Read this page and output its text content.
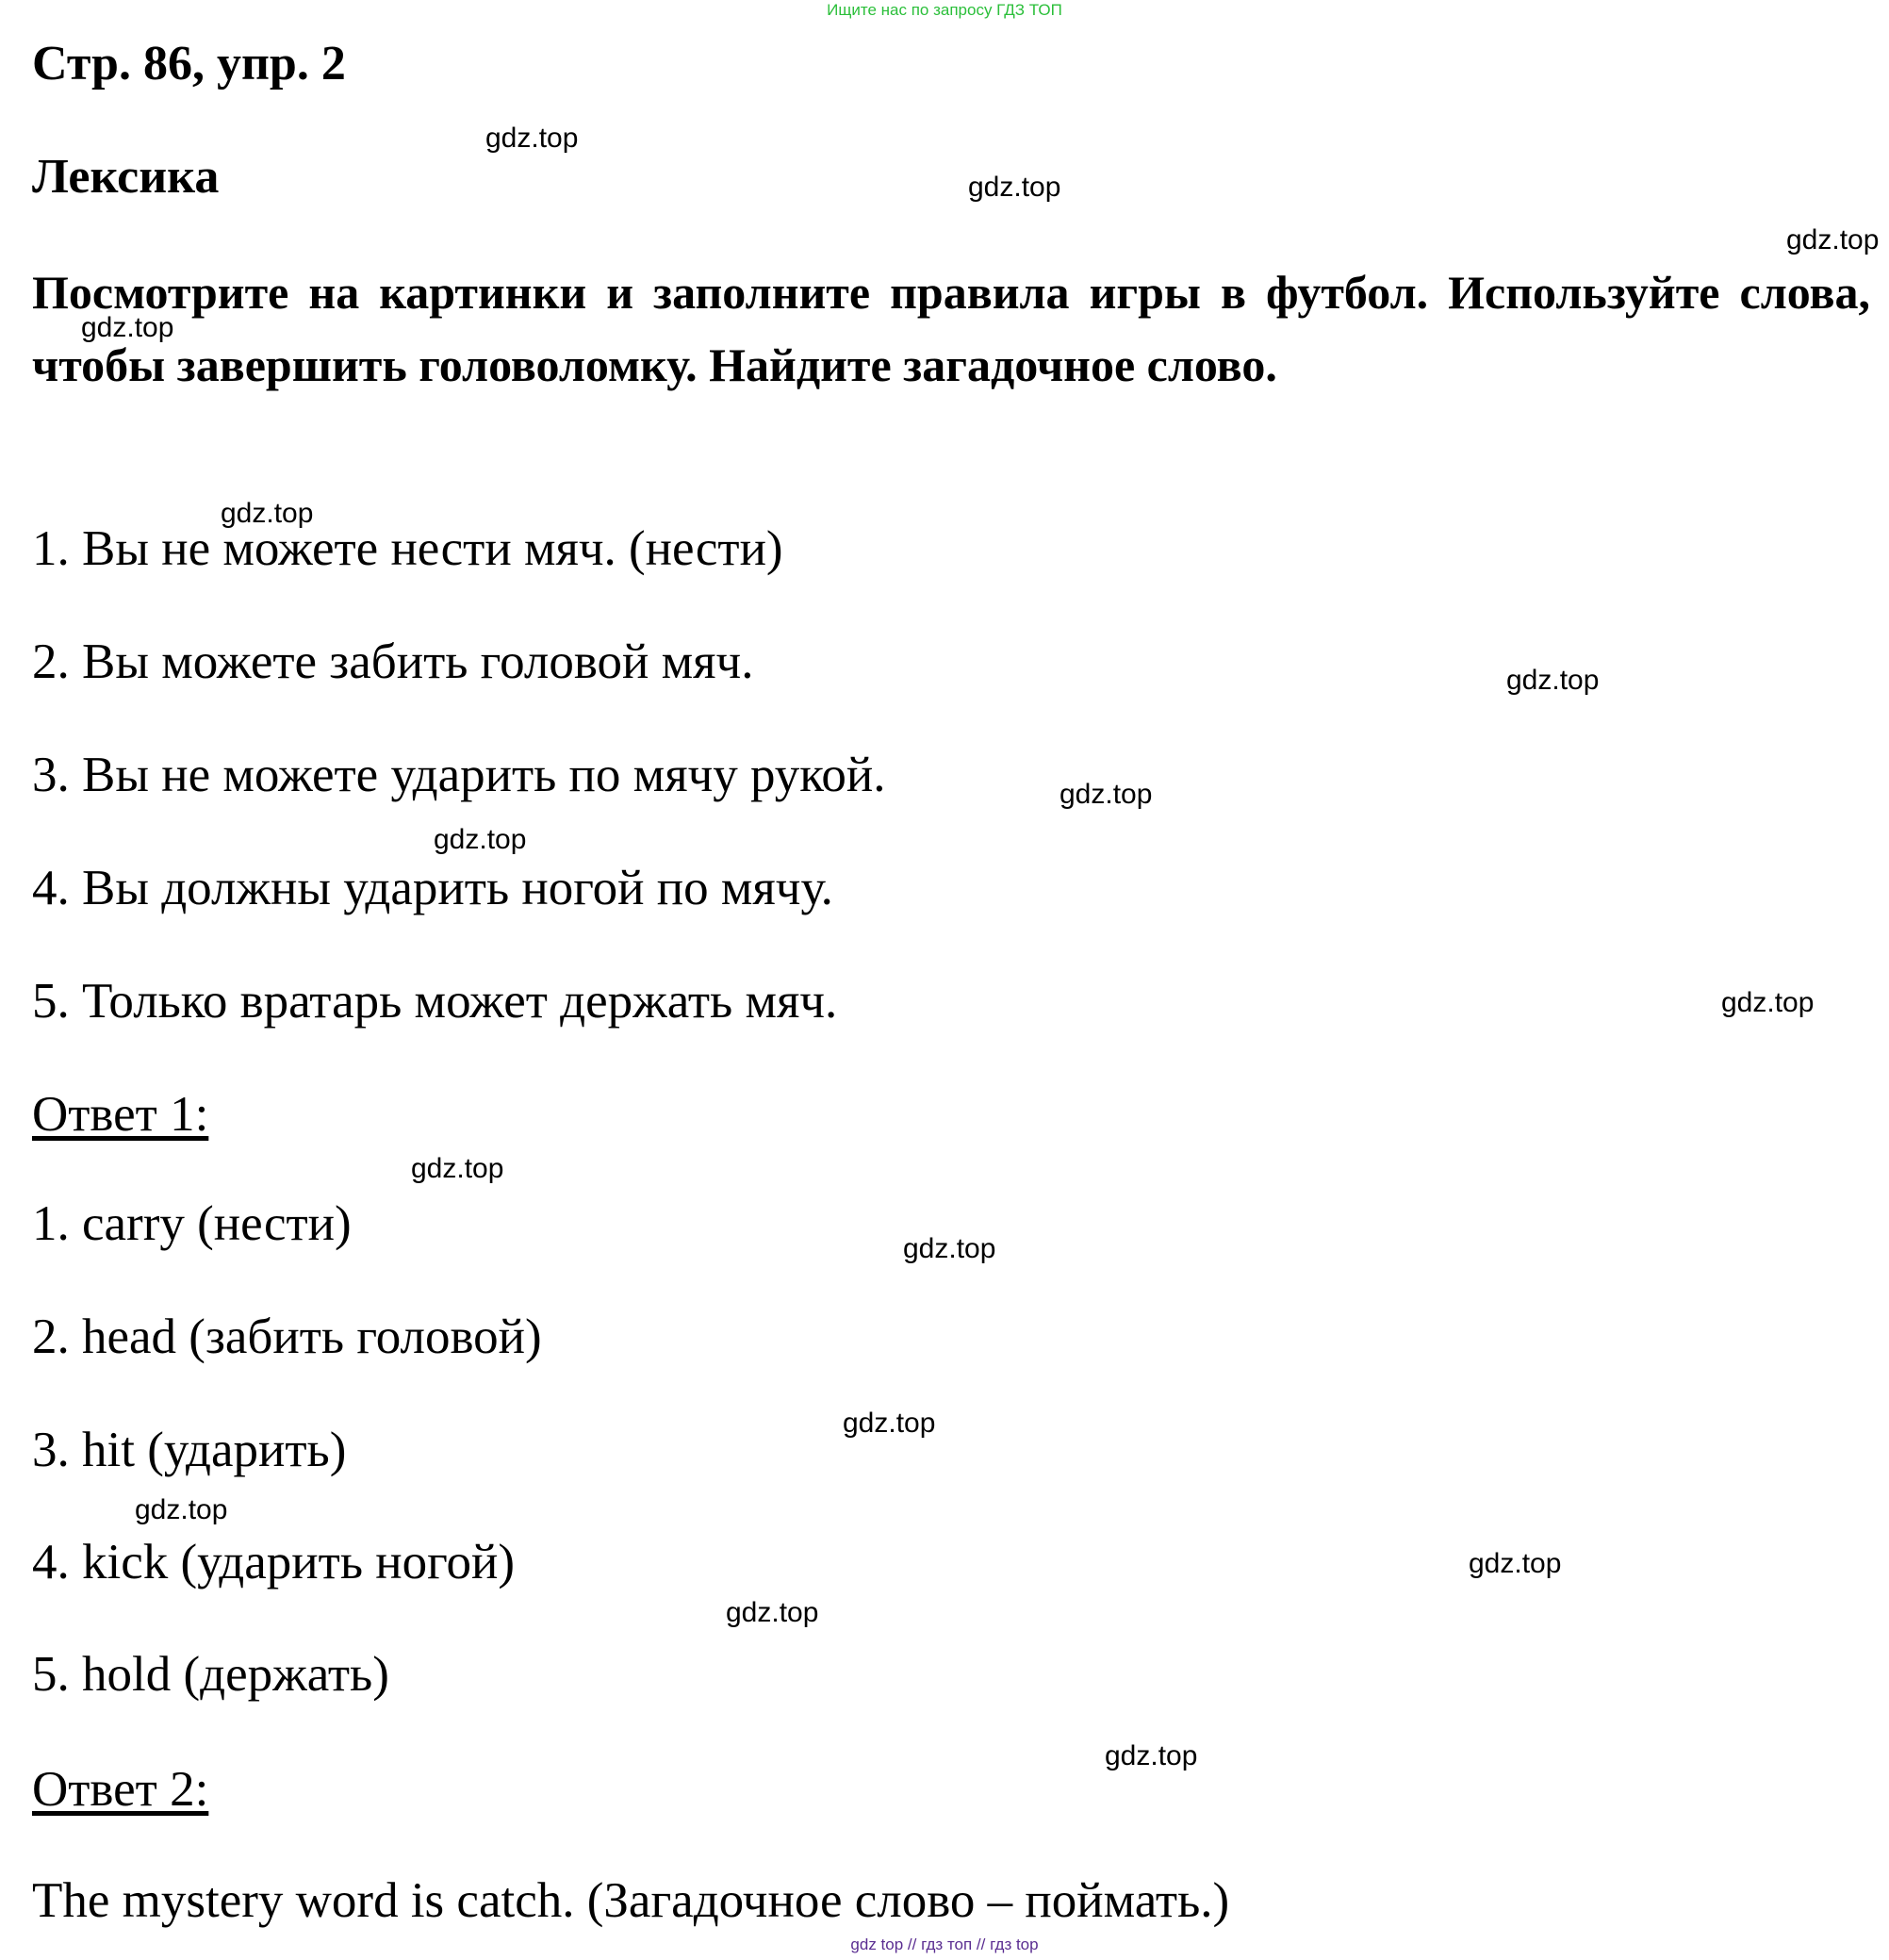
Ищите нас по запросу ГДЗ ТОП
Стр. 86, упр. 2
Лексика
Посмотрите на картинки и заполните правила игры в футбол. Используйте слова, чтобы завершить головоломку. Найдите загадочное слово.
1. Вы не можете нести мяч. (нести)
2. Вы можете забить головой мяч.
3. Вы не можете ударить по мячу рукой.
4. Вы должны ударить ногой по мячу.
5. Только вратарь может держать мяч.
Ответ 1:
1. carry (нести)
2. head (забить головой)
3. hit (ударить)
4. kick (ударить ногой)
5. hold (держать)
Ответ 2:
The mystery word is catch. (Загадочное слово – поймать.)
gdz.top
gdz.top
gdz.top
gdz.top
gdz.top
gdz.top
gdz.top
gdz.top
gdz.top
gdz.top
gdz.top
gdz.top
gdz.top
gdz.top
gdz.top
gdz.top
gdz top // гдз топ // гдз top
